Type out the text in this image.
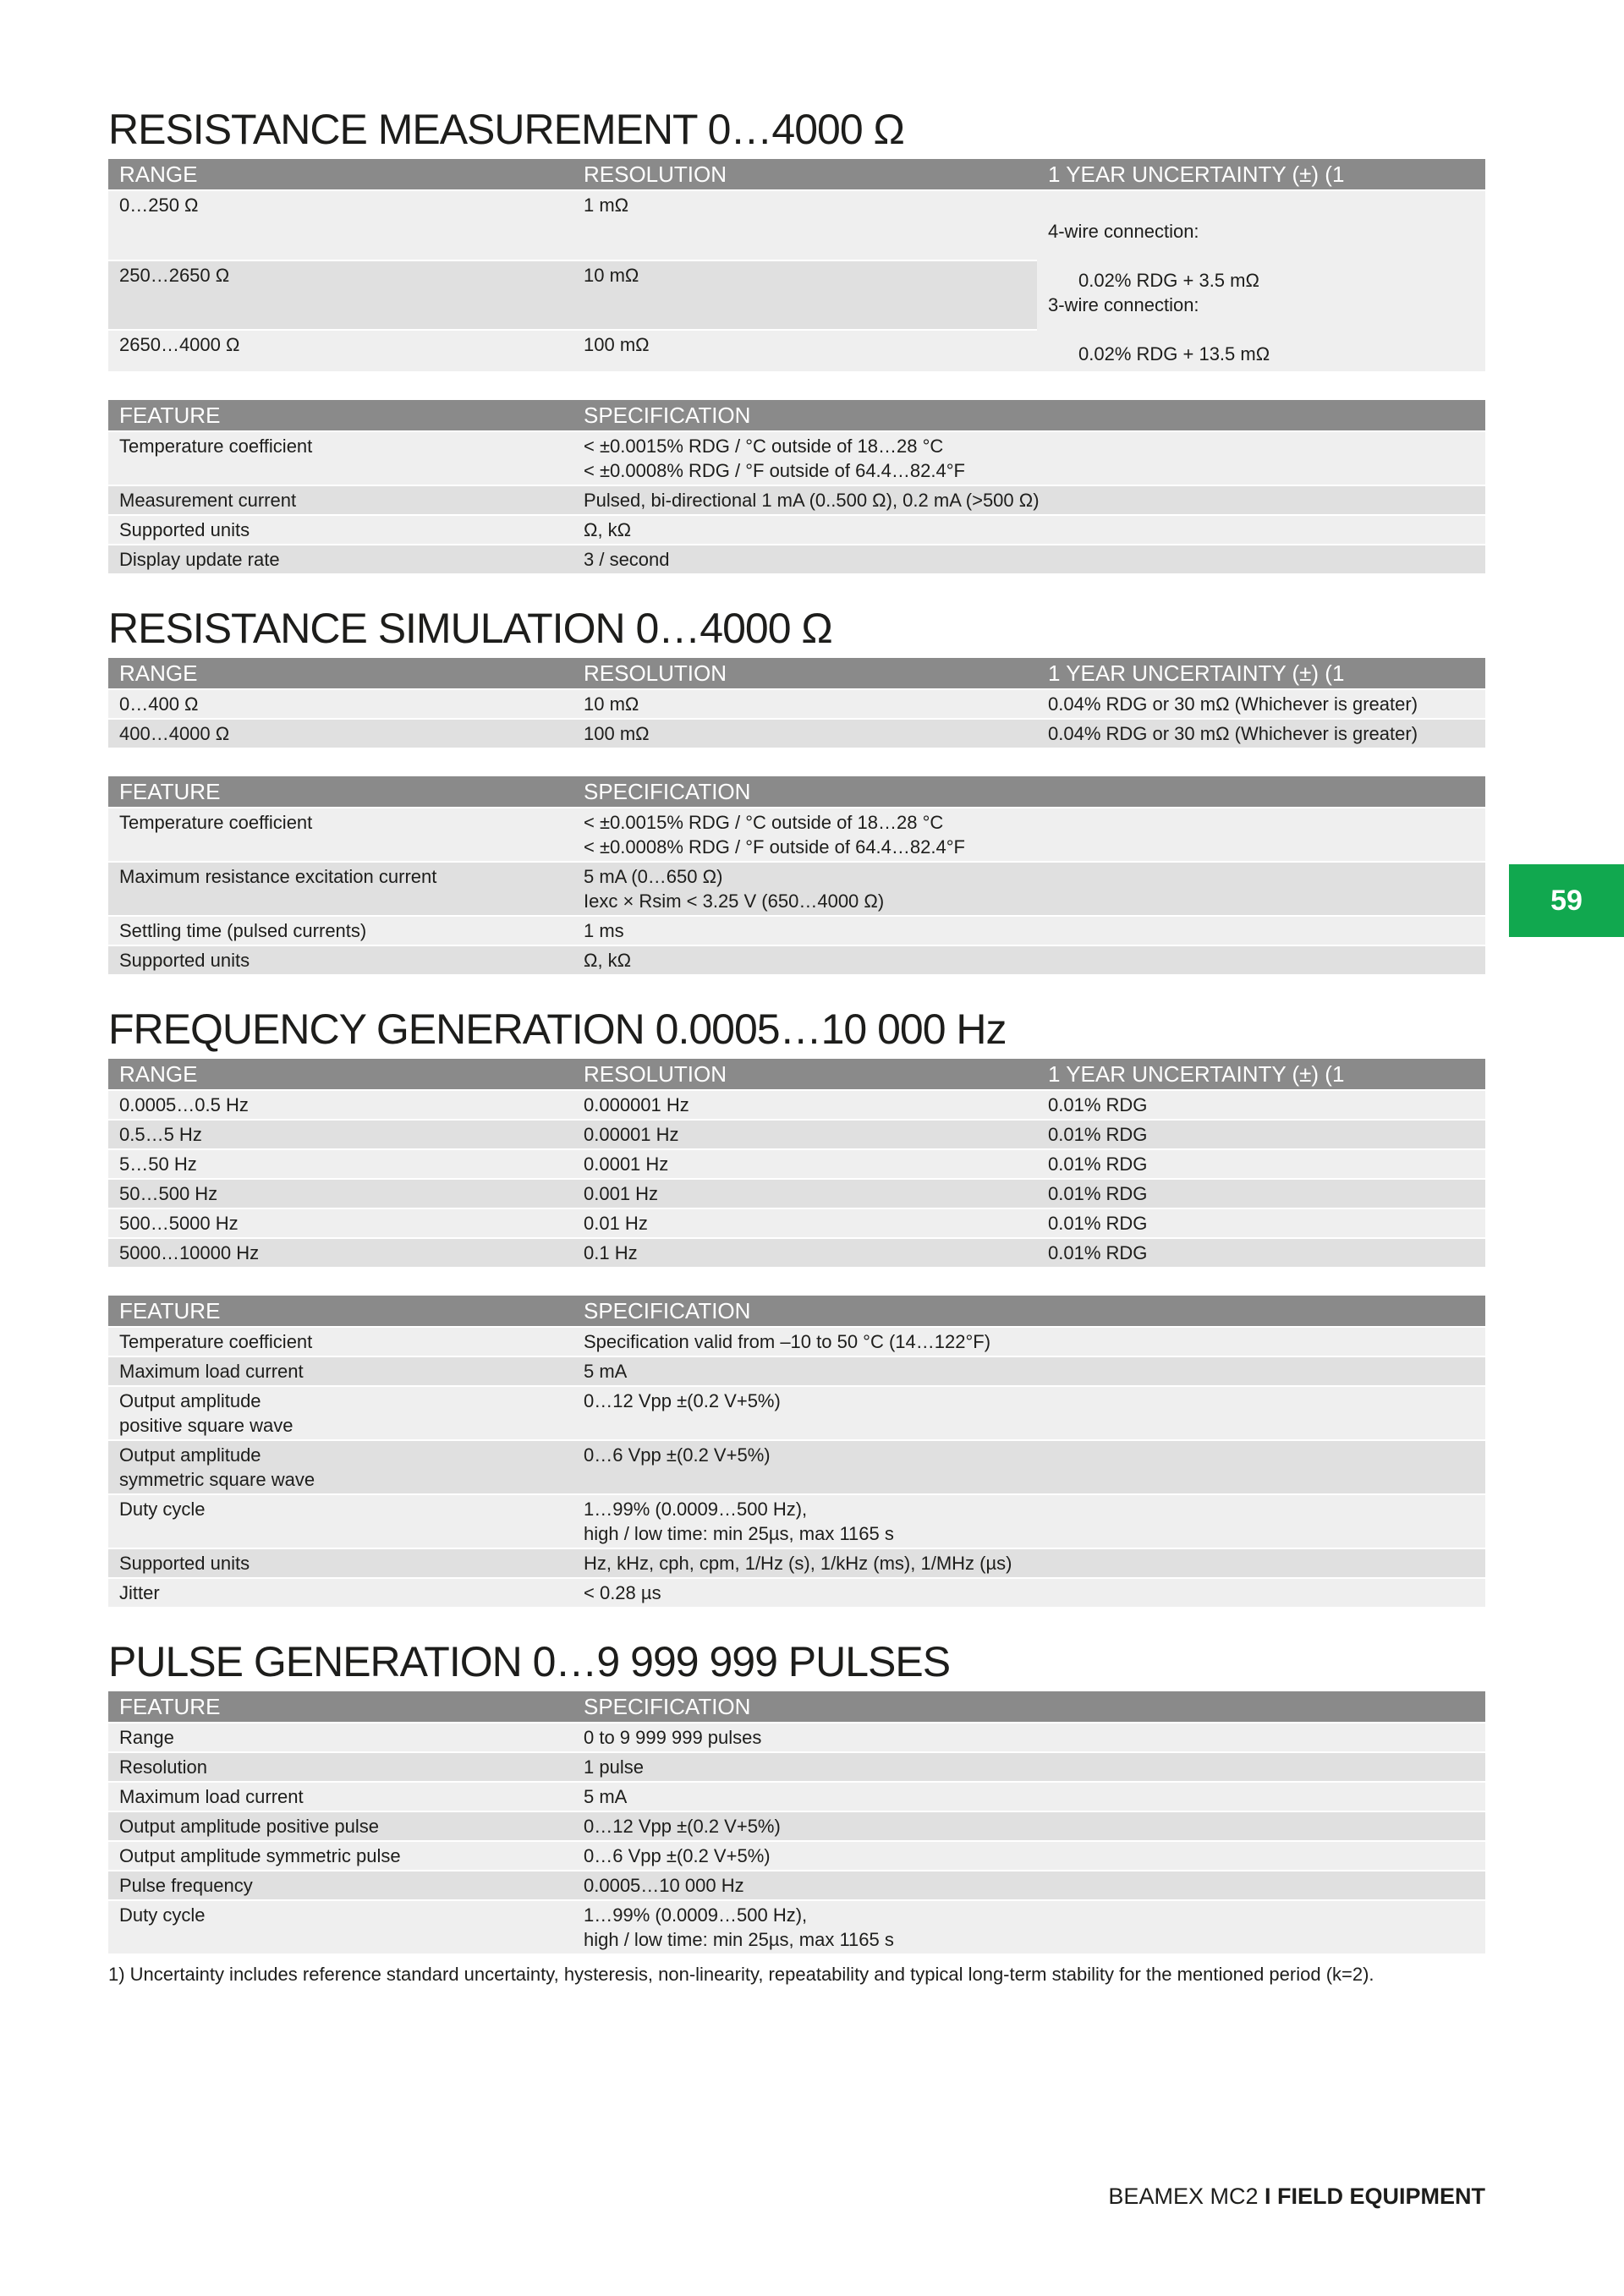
RESISTANCE MEASUREMENT 0…4000 Ω
RANGE	RESOLUTION	1 YEAR UNCERTAINTY (±) (1
0…250 Ω	1 mΩ	4-wire connection:

0.02% RDG + 3.5 mΩ

3-wire connection:

0.02% RDG + 13.5 mΩ

250…2650 Ω	10 mΩ	
2650…4000 Ω	100 mΩ	
FEATURE	SPECIFICATION
Temperature coefficient	< ±0.0015% RDG / °C outside of 18…28 °C
< ±0.0008% RDG / °F outside of 64.4…82.4°F
Measurement current	Pulsed, bi-directional 1 mA (0..500 Ω), 0.2 mA (>500 Ω)
Supported units	Ω, kΩ
Display update rate	3 / second
RESISTANCE SIMULATION 0…4000 Ω
RANGE	RESOLUTION	1 YEAR UNCERTAINTY (±) (1
0…400 Ω	10 mΩ	0.04% RDG or 30 mΩ (Whichever is greater)
400…4000 Ω	100 mΩ	0.04% RDG or 30 mΩ (Whichever is greater)
FEATURE	SPECIFICATION
Temperature coefficient	< ±0.0015% RDG / °C outside of 18…28 °C
< ±0.0008% RDG / °F outside of 64.4…82.4°F
Maximum resistance excitation current	5 mA (0…650 Ω)
Iexc × Rsim < 3.25 V (650…4000 Ω)
Settling time (pulsed currents)	1 ms
Supported units	Ω, kΩ
FREQUENCY GENERATION 0.0005…10 000 Hz
RANGE	RESOLUTION	1 YEAR UNCERTAINTY (±) (1
0.0005…0.5 Hz	0.000001 Hz	0.01% RDG
0.5…5 Hz	0.00001 Hz	0.01% RDG
5…50 Hz	0.0001 Hz	0.01% RDG
50…500 Hz	0.001 Hz	0.01% RDG
500…5000 Hz	0.01 Hz	0.01% RDG
5000…10000 Hz	0.1 Hz	0.01% RDG
FEATURE	SPECIFICATION
Temperature coefficient	Specification valid from –10 to 50 °C (14…122°F)
Maximum load current	5 mA
Output amplitude
positive square wave	0…12 Vpp ±(0.2 V+5%)
Output amplitude
symmetric square wave	0…6 Vpp ±(0.2 V+5%)
Duty cycle	1…99% (0.0009…500 Hz),
high / low time: min 25µs, max 1165 s
Supported units	Hz, kHz, cph, cpm, 1/Hz (s), 1/kHz (ms), 1/MHz (µs)
Jitter	< 0.28 µs
PULSE GENERATION 0…9 999 999 PULSES
FEATURE	SPECIFICATION
Range	0 to 9 999 999 pulses
Resolution	1 pulse
Maximum load current	5 mA
Output amplitude positive pulse	0…12 Vpp ±(0.2 V+5%)
Output amplitude symmetric pulse	0…6 Vpp ±(0.2 V+5%)
Pulse frequency	0.0005…10 000 Hz
Duty cycle	1…99% (0.0009…500 Hz),
high / low time: min 25µs, max 1165 s
1) Uncertainty includes reference standard uncertainty, hysteresis, non-linearity, repeatability and typical long-term stability for the mentioned period (k=2).
59
BEAMEX MC2 I FIELD EQUIPMENT
